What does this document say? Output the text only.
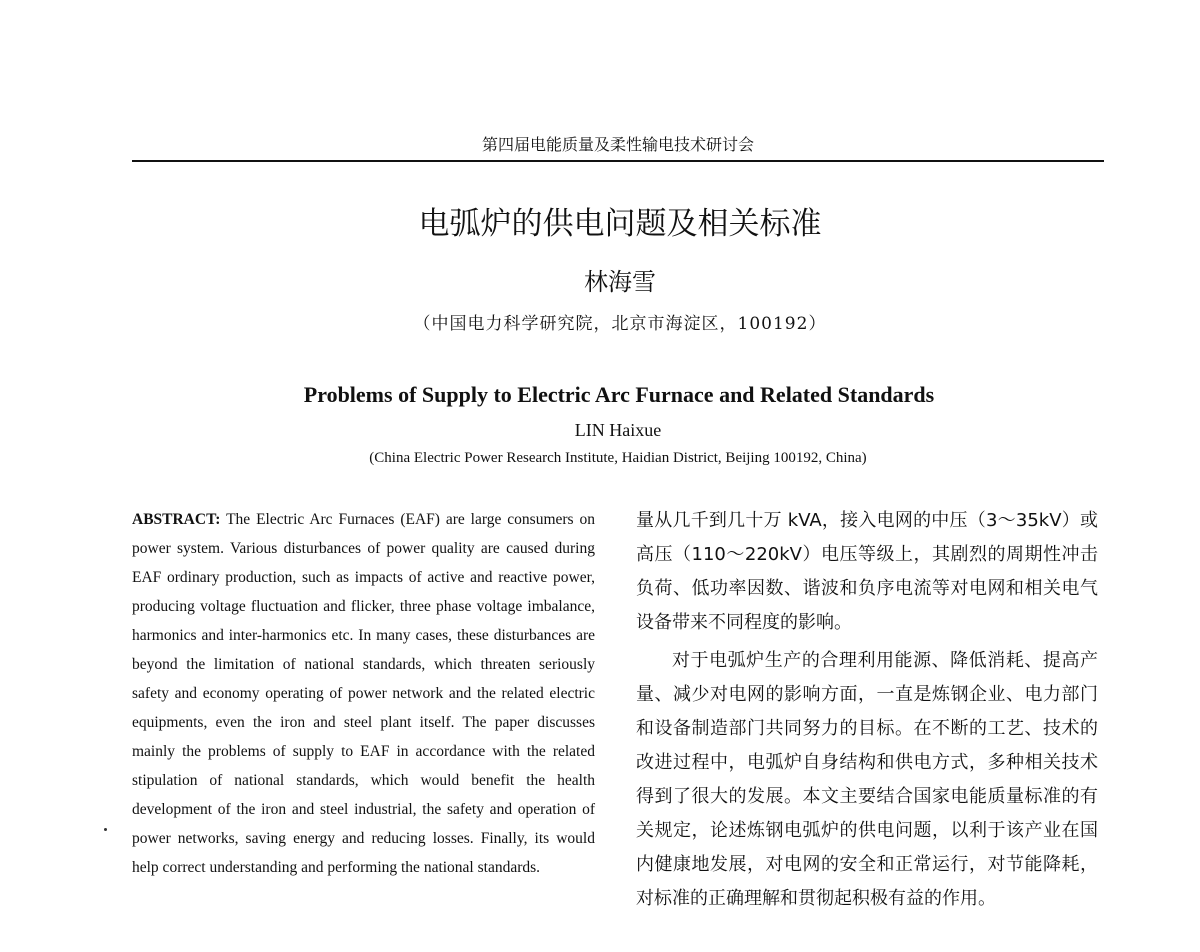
第四届电能质量及柔性输电技术研讨会
电弧炉的供电问题及相关标准
林海雪
（中国电力科学研究院，北京市海淀区，100192）
Problems of Supply to Electric Arc Furnace and Related Standards
LIN Haixue
(China Electric Power Research Institute, Haidian District, Beijing 100192, China)
ABSTRACT: The Electric Arc Furnaces (EAF) are large consumers on power system. Various disturbances of power quality are caused during EAF ordinary production, such as impacts of active and reactive power, producing voltage fluctuation and flicker, three phase voltage imbalance, harmonics and inter-harmonics etc. In many cases, these disturbances are beyond the limitation of national standards, which threaten seriously safety and economy operating of power network and the related electric equipments, even the iron and steel plant itself. The paper discusses mainly the problems of supply to EAF in accordance with the related stipulation of national standards, which would benefit the health development of the iron and steel industrial, the safety and operation of power networks, saving energy and reducing losses. Finally, its would help correct understanding and performing the national standards.

量从几千到几十万 kVA，接入电网的中压（3～35kV）或高压（110～220kV）电压等级上，其剧烈的周期性冲击负荷、低功率因数、谐波和负序电流等对电网和相关电气设备带来不同程度的影响。

对于电弧炉生产的合理利用能源、降低消耗、提高产量、减少对电网的影响方面，一直是炼钢企业、电力部门和设备制造部门共同努力的目标。在不断的工艺、技术的改进过程中，电弧炉自身结构和供电方式，多种相关技术得到了很大的发展。本文主要结合国家电能质量标准的有关规定，论述炼钢电弧炉的供电问题，以利于该产业在国内健康地发展，对电网的安全和正常运行，对节能降耗，对标准的正确理解和贯彻起积极有益的作用。
